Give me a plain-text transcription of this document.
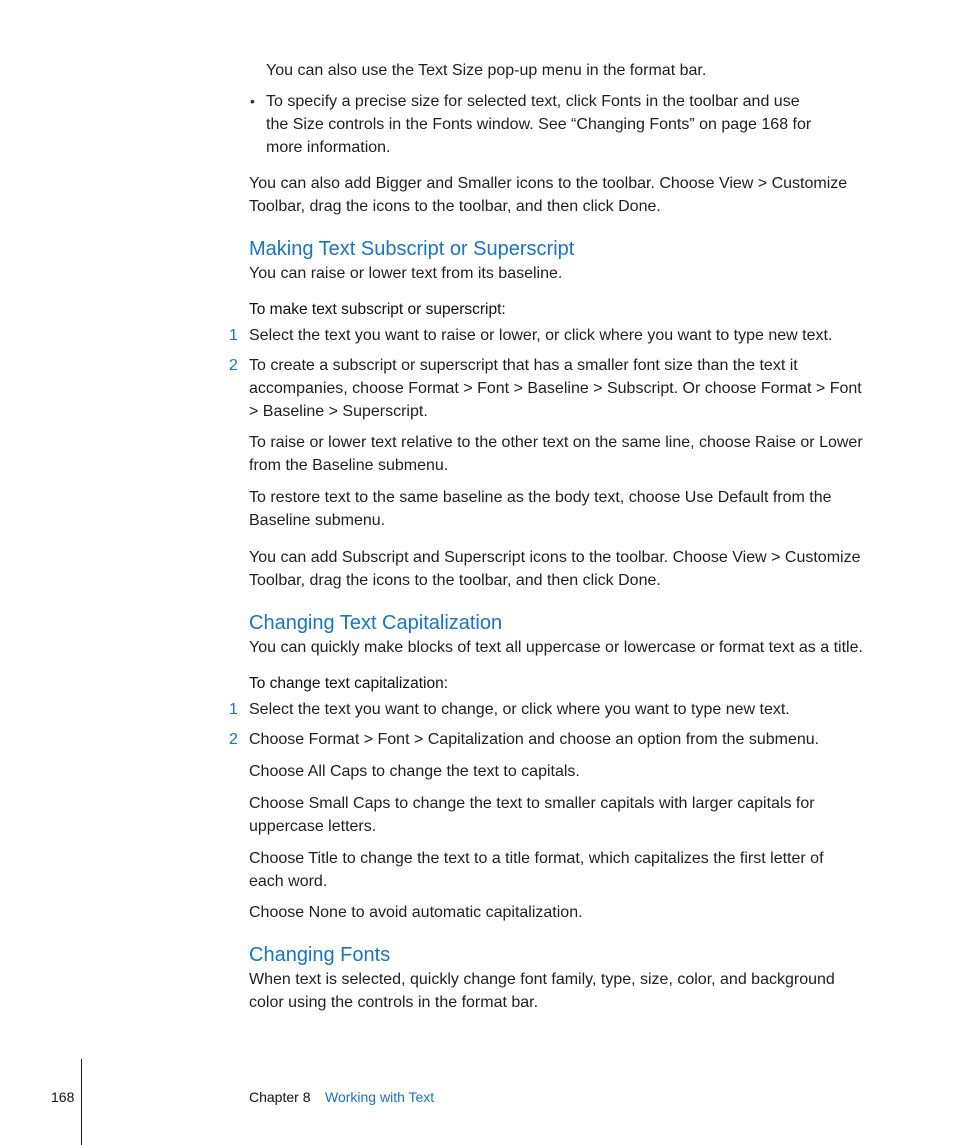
You can also use the Text Size pop-up menu in the format bar.
• To specify a precise size for selected text, click Fonts in the toolbar and use
the Size controls in the Fonts window. See “Changing Fonts” on page 168 for
more information.
You can also add Bigger and Smaller icons to the toolbar. Choose View > Customize
Toolbar, drag the icons to the toolbar, and then click Done.
Making Text Subscript or Superscript
You can raise or lower text from its baseline.
To make text subscript or superscript:
1 Select the text you want to raise or lower, or click where you want to type new text.
2 To create a subscript or superscript that has a smaller font size than the text it
accompanies, choose Format > Font > Baseline > Subscript. Or choose Format > Font
> Baseline > Superscript.
To raise or lower text relative to the other text on the same line, choose Raise or Lower
from the Baseline submenu.
To restore text to the same baseline as the body text, choose Use Default from the
Baseline submenu.
You can add Subscript and Superscript icons to the toolbar. Choose View > Customize
Toolbar, drag the icons to the toolbar, and then click Done.
Changing Text Capitalization
You can quickly make blocks of text all uppercase or lowercase or format text as a title.
To change text capitalization:
1 Select the text you want to change, or click where you want to type new text.
2 Choose Format > Font > Capitalization and choose an option from the submenu.
Choose All Caps to change the text to capitals.
Choose Small Caps to change the text to smaller capitals with larger capitals for
uppercase letters.
Choose Title to change the text to a title format, which capitalizes the first letter of
each word.
Choose None to avoid automatic capitalization.
Changing Fonts
When text is selected, quickly change font family, type, size, color, and background
color using the controls in the format bar.
168	Chapter 8 Working with Text
